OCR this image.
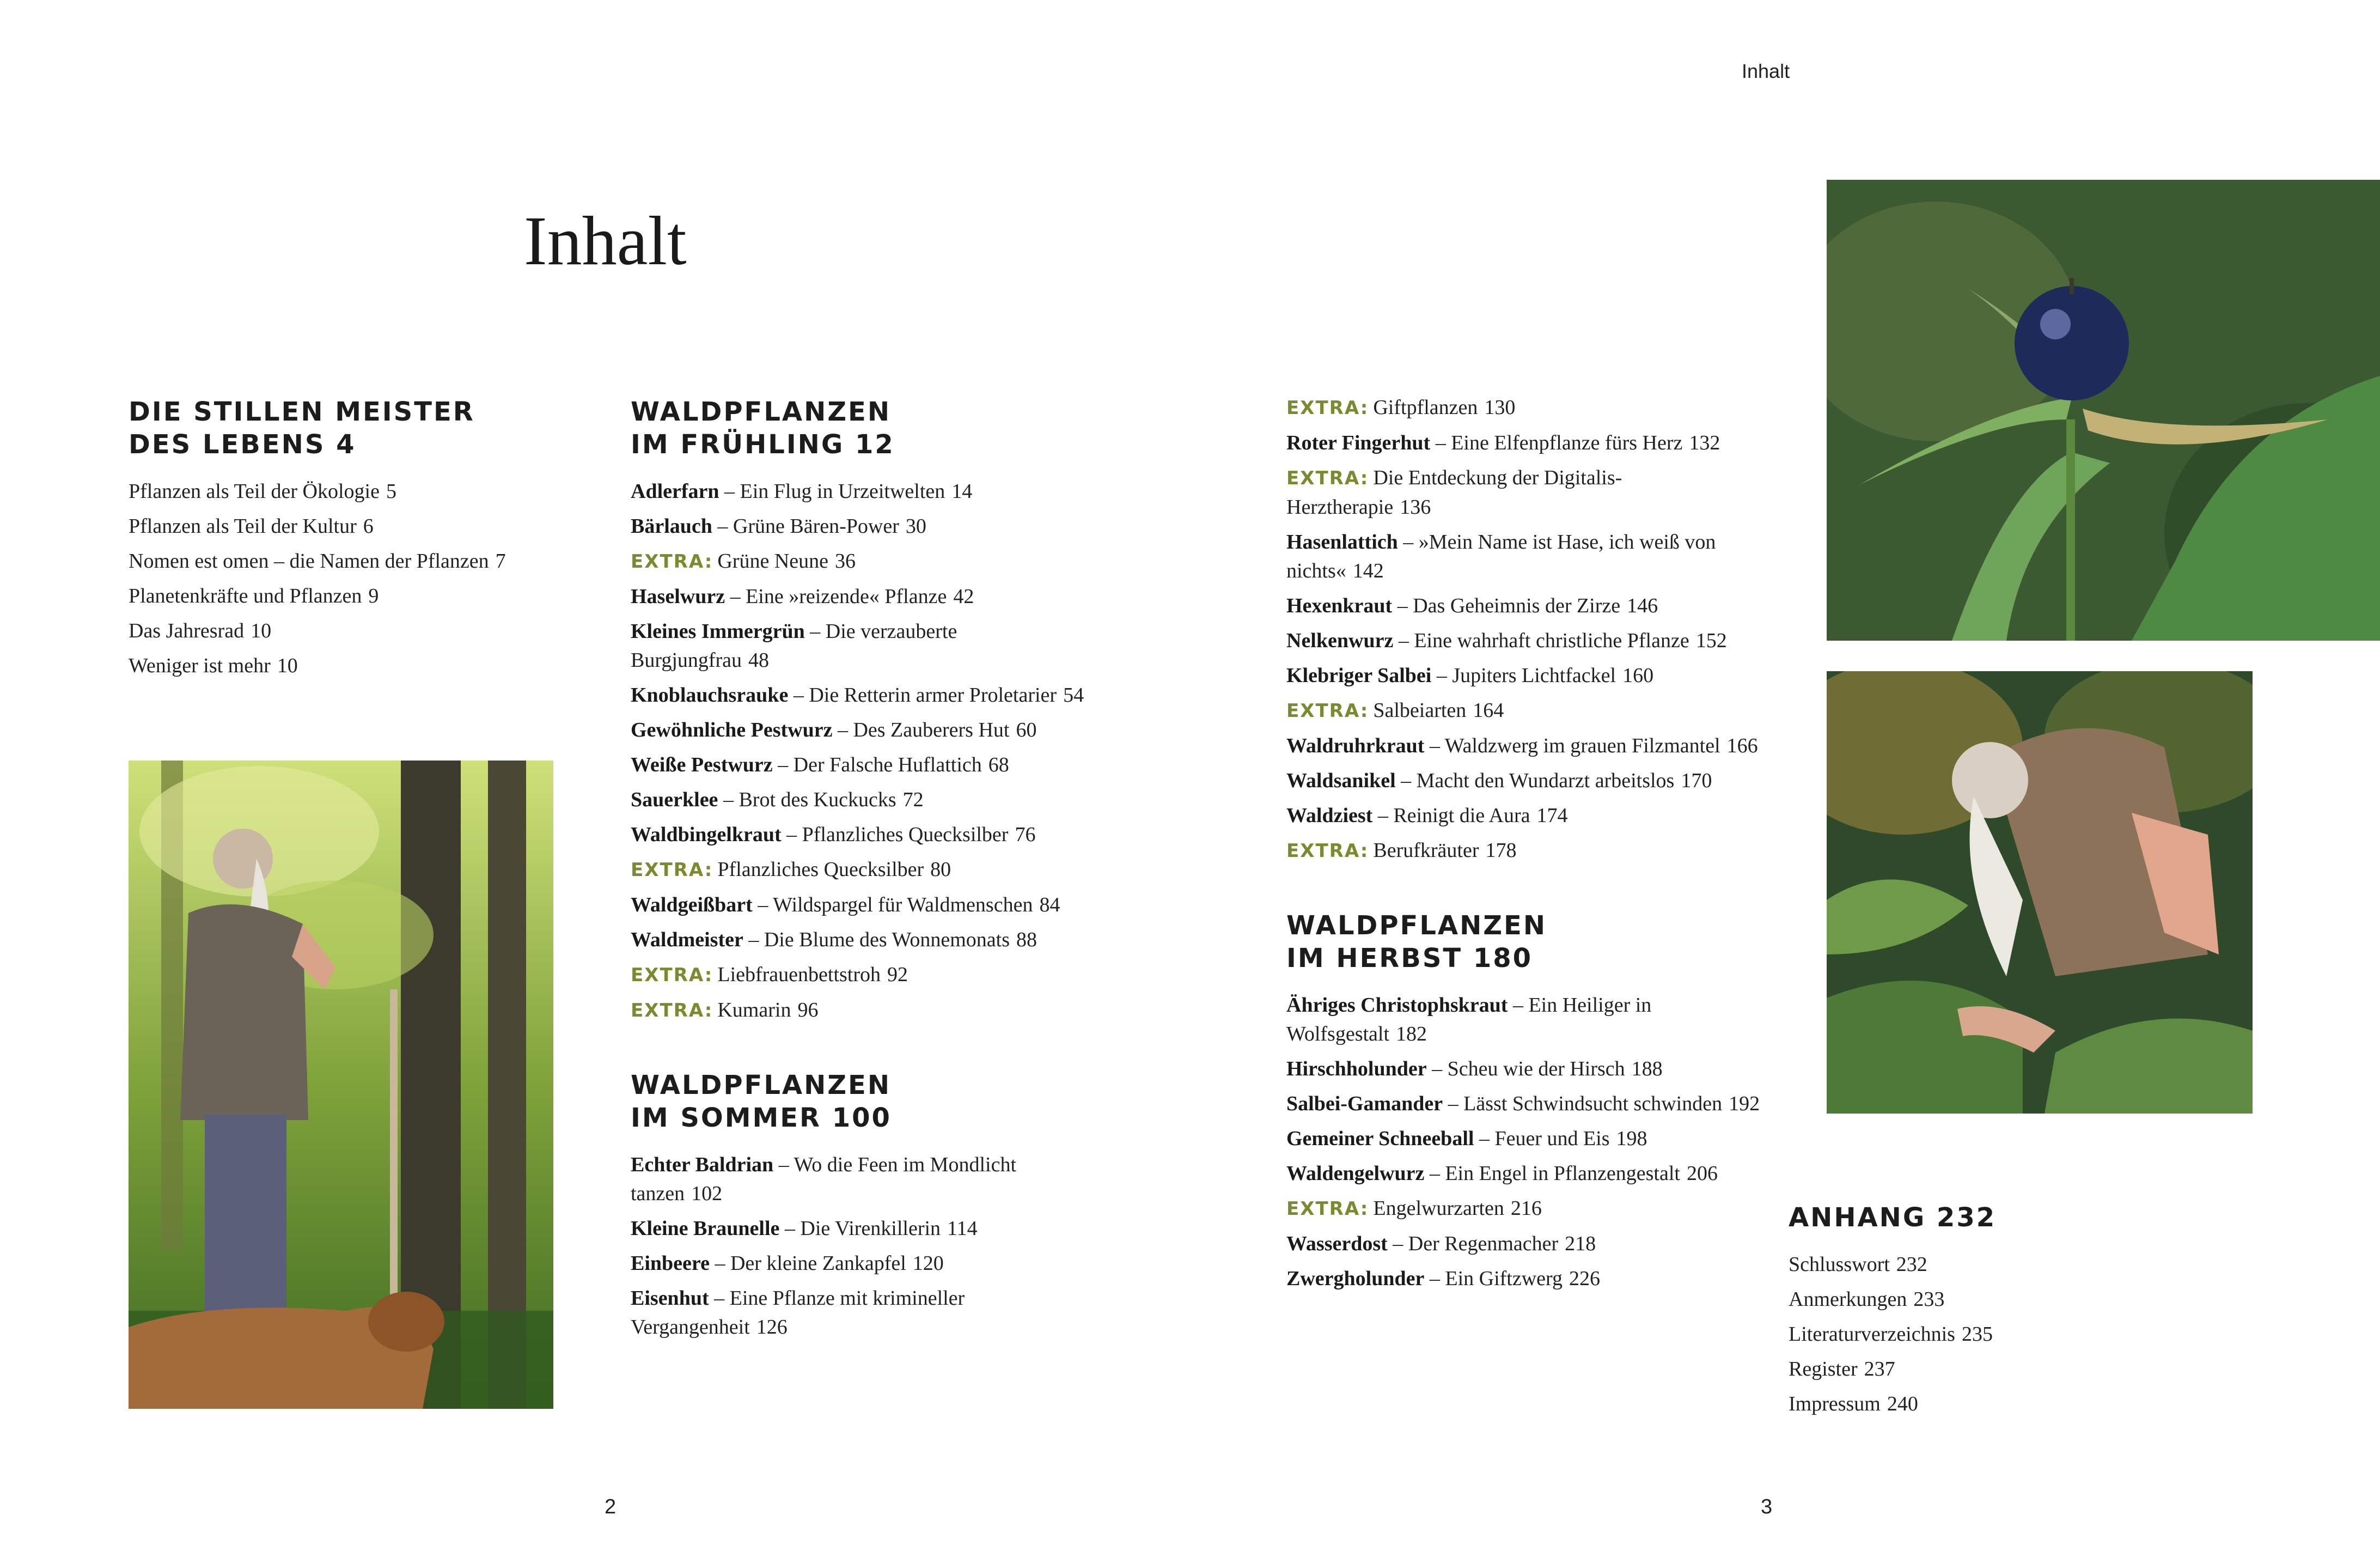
Inhalt
Inhalt
DIE STILLEN MEISTER
DES LEBENS 4
Pflanzen als Teil der Ökologie 5
Pflanzen als Teil der Kultur 6
Nomen est omen – die Namen der Pflanzen 7
Planetenkräfte und Pflanzen 9
Das Jahresrad 10
Weniger ist mehr 10
WALDPFLANZEN
IM FRÜHLING 12
Adlerfarn – Ein Flug in Urzeitwelten 14
Bärlauch – Grüne Bären-Power 30
EXTRA: Grüne Neune 36
Haselwurz – Eine »reizende« Pflanze 42
Kleines Immergrün – Die verzauberte Burgjungfrau 48
Knoblauchsrauke – Die Retterin armer Proletarier 54
Gewöhnliche Pestwurz – Des Zauberers Hut 60
Weiße Pestwurz – Der Falsche Huflattich 68
Sauerklee – Brot des Kuckucks 72
Waldbingelkraut – Pflanzliches Quecksilber 76
EXTRA: Pflanzliches Quecksilber 80
Waldgeißbart – Wildspargel für Waldmenschen 84
Waldmeister – Die Blume des Wonnemonats 88
EXTRA: Liebfrauenbettstroh 92
EXTRA: Kumarin 96
WALDPFLANZEN
IM SOMMER 100
Echter Baldrian – Wo die Feen im Mondlicht tanzen 102
Kleine Braunelle – Die Virenkillerin 114
Einbeere – Der kleine Zankapfel 120
Eisenhut – Eine Pflanze mit krimineller Vergangenheit 126
EXTRA: Giftpflanzen 130
Roter Fingerhut – Eine Elfenpflanze fürs Herz 132
EXTRA: Die Entdeckung der Digitalis-Herztherapie 136
Hasenlattich – »Mein Name ist Hase, ich weiß von nichts« 142
Hexenkraut – Das Geheimnis der Zirze 146
Nelkenwurz – Eine wahrhaft christliche Pflanze 152
Klebriger Salbei – Jupiters Lichtfackel 160
EXTRA: Salbeiarten 164
Waldruhrkraut – Waldzwerg im grauen Filzmantel 166
Waldsanikel – Macht den Wundarzt arbeitslos 170
Waldziest – Reinigt die Aura 174
EXTRA: Berufkräuter 178
WALDPFLANZEN
IM HERBST 180
Ähriges Christophskraut – Ein Heiliger in Wolfsgestalt 182
Hirschholunder – Scheu wie der Hirsch 188
Salbei-Gamander – Lässt Schwindsucht schwinden 192
Gemeiner Schneeball – Feuer und Eis 198
Waldengelwurz – Ein Engel in Pflanzengestalt 206
EXTRA: Engelwurzarten 216
Wasserdost – Der Regenmacher 218
Zwergholunder – Ein Giftzwerg 226
ANHANG 232
Schlusswort 232
Anmerkungen 233
Literaturverzeichnis 235
Register 237
Impressum 240
2	3
